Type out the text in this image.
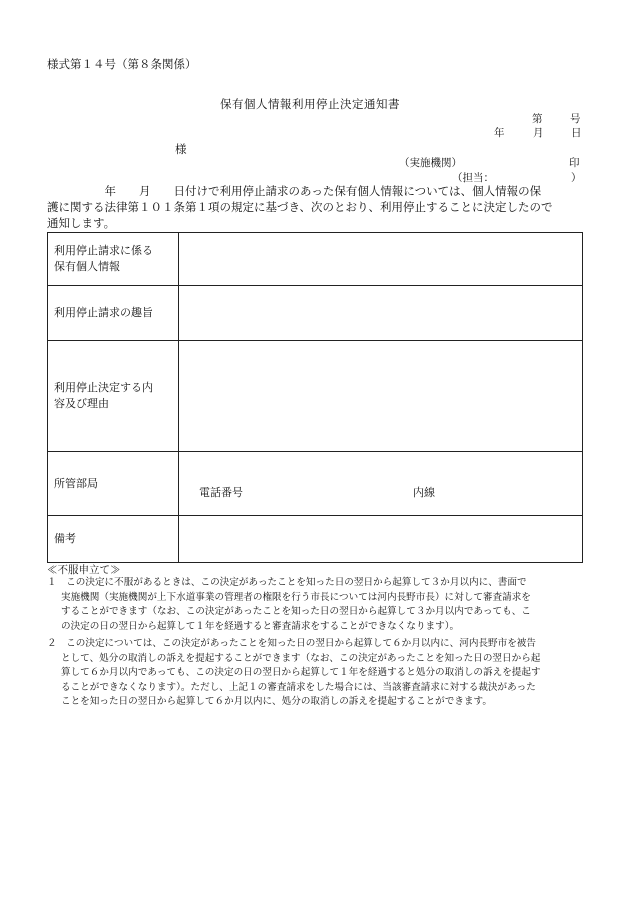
様式第１４号（第８条関係）
保有個人情報利用停止決定通知書
第	号
年	月	日
様
（実施機関）	印
（担当：	）
　　　　　年　　月　　日付けで利用停止請求のあった保有個人情報については、個人情報の保
護に関する法律第１０１条第１項の規定に基づき、次のとおり、利用停止することに決定したので
通知します。
利用停止請求に係る
保有個人情報	

利用停止請求の趣旨	

利用停止決定する内
容及び理由	

所管部局	電話番号 内線

備考	

≪不服申立て≫
１　この決定に不服があるときは、この決定があったことを知った日の翌日から起算して３か月以内に、書面で
実施機関（実施機関が上下水道事業の管理者の権限を行う市長については河内長野市長）に対して審査請求を
することができます（なお、この決定があったことを知った日の翌日から起算して３か月以内であっても、こ
の決定の日の翌日から起算して１年を経過すると審査請求をすることができなくなります）。
２　この決定については、この決定があったことを知った日の翌日から起算して６か月以内に、河内長野市を被告
として、処分の取消しの訴えを提起することができます（なお、この決定があったことを知った日の翌日から起
算して６か月以内であっても、この決定の日の翌日から起算して１年を経過すると処分の取消しの訴えを提起す
ることができなくなります）。ただし、上記１の審査請求をした場合には、当該審査請求に対する裁決があった
ことを知った日の翌日から起算して６か月以内に、処分の取消しの訴えを提起することができます。
